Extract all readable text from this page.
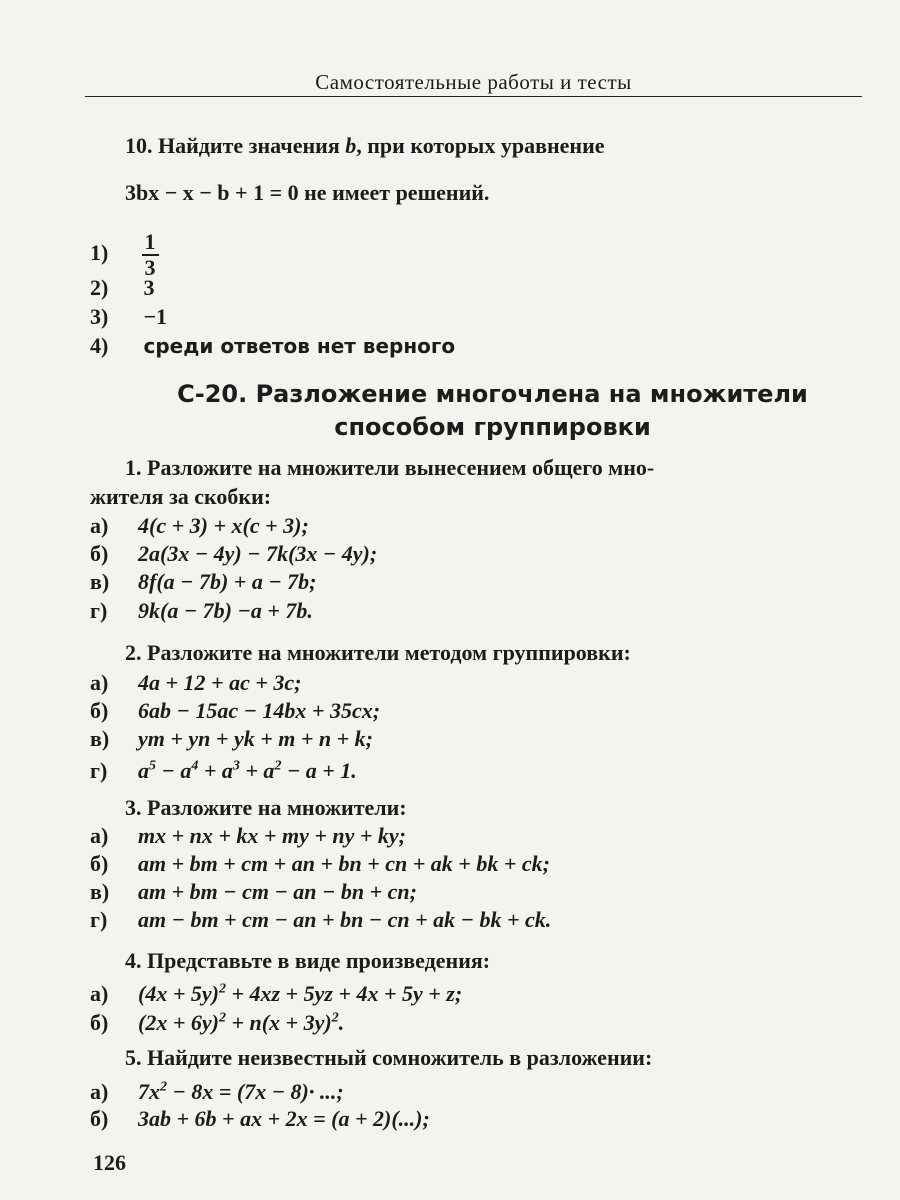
Самостоятельные работы и тесты
10. Найдите значения b, при которых уравнение
3bx − x − b + 1 = 0 не имеет решений.
$1) \frac{1}{3}$
2) 3
3) −1
4) среди ответов нет верного
С-20. Разложение многочлена на множители
способом группировки
1. Разложите на множители вынесением общего мно-
жителя за скобки:
а) 4(c + 3) + x(c + 3);
б) 2a(3x − 4y) − 7k(3x − 4y);
в) 8f(a − 7b) + a − 7b;
г) 9k(a − 7b) −a + 7b.
2. Разложите на множители методом группировки:
а) 4a + 12 + ac + 3c;
б) 6ab − 15ac − 14bx + 35cx;
в) ym + yn + yk + m + n + k;
г) $a^5 - a^4 + a^3 + a^2 - a + 1$.
3. Разложите на множители:
а) mx + nx + kx + my + ny + ky;
б) am + bm + cm + an + bn + cn + ak + bk + ck;
в) am + bm − cm − an − bn + cn;
г) am − bm + cm − an + bn − cn + ak − bk + ck.
4. Представьте в виде произведения:
а) $(4x + 5y)^2 + 4xz + 5yz + 4x + 5y + z$;
б) $(2x + 6y)^2 + n(x + 3y)^2$.
5. Найдите неизвестный сомножитель в разложении:
а) $7x^2 - 8x = (7x - 8)\cdot$ ...;
б) 3ab + 6b + ax + 2x = (a + 2)(...);
126
